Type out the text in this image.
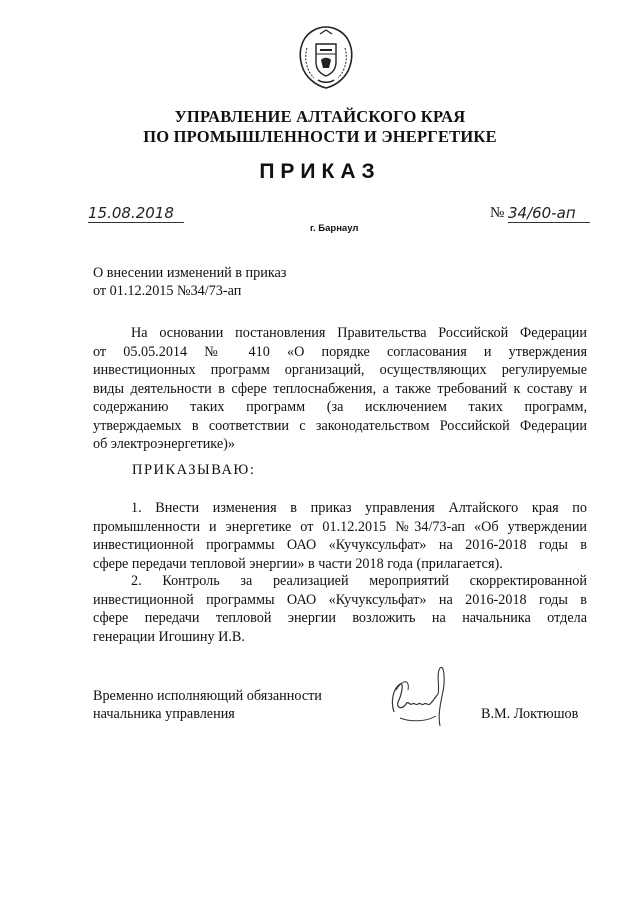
УПРАВЛЕНИЕ АЛТАЙСКОГО КРАЯ
ПО ПРОМЫШЛЕННОСТИ И ЭНЕРГЕТИКЕ
ПРИКАЗ
15.08.2018	№ 34/60-ап
г. Барнаул
О внесении изменений в приказ
от 01.12.2015 №34/73-ап
На основании постановления Правительства Российской Федерации
от 05.05.2014 № 410 «О порядке согласования и утверждения
инвестиционных программ организаций, осуществляющих регулируемые
виды деятельности в сфере теплоснабжения, а также требований к составу и
содержанию таких программ (за исключением таких программ,
утверждаемых в соответствии с законодательством Российской Федерации
об электроэнергетике)»
ПРИКАЗЫВАЮ:
1. Внести изменения в приказ управления Алтайского края по
промышленности и энергетике от 01.12.2015 №34/73-ап «Об утверждении
инвестиционной программы ОАО «Кучуксульфат» на 2016-2018 годы в
сфере передачи тепловой энергии» в части 2018 года (прилагается).
2. Контроль за реализацией мероприятий скорректированной
инвестиционной программы ОАО «Кучуксульфат» на 2016-2018 годы в
сфере передачи тепловой энергии возложить на начальника отдела
генерации Игошину И.В.
Временно исполняющий обязанности
начальника управления	В.М. Локтюшов
